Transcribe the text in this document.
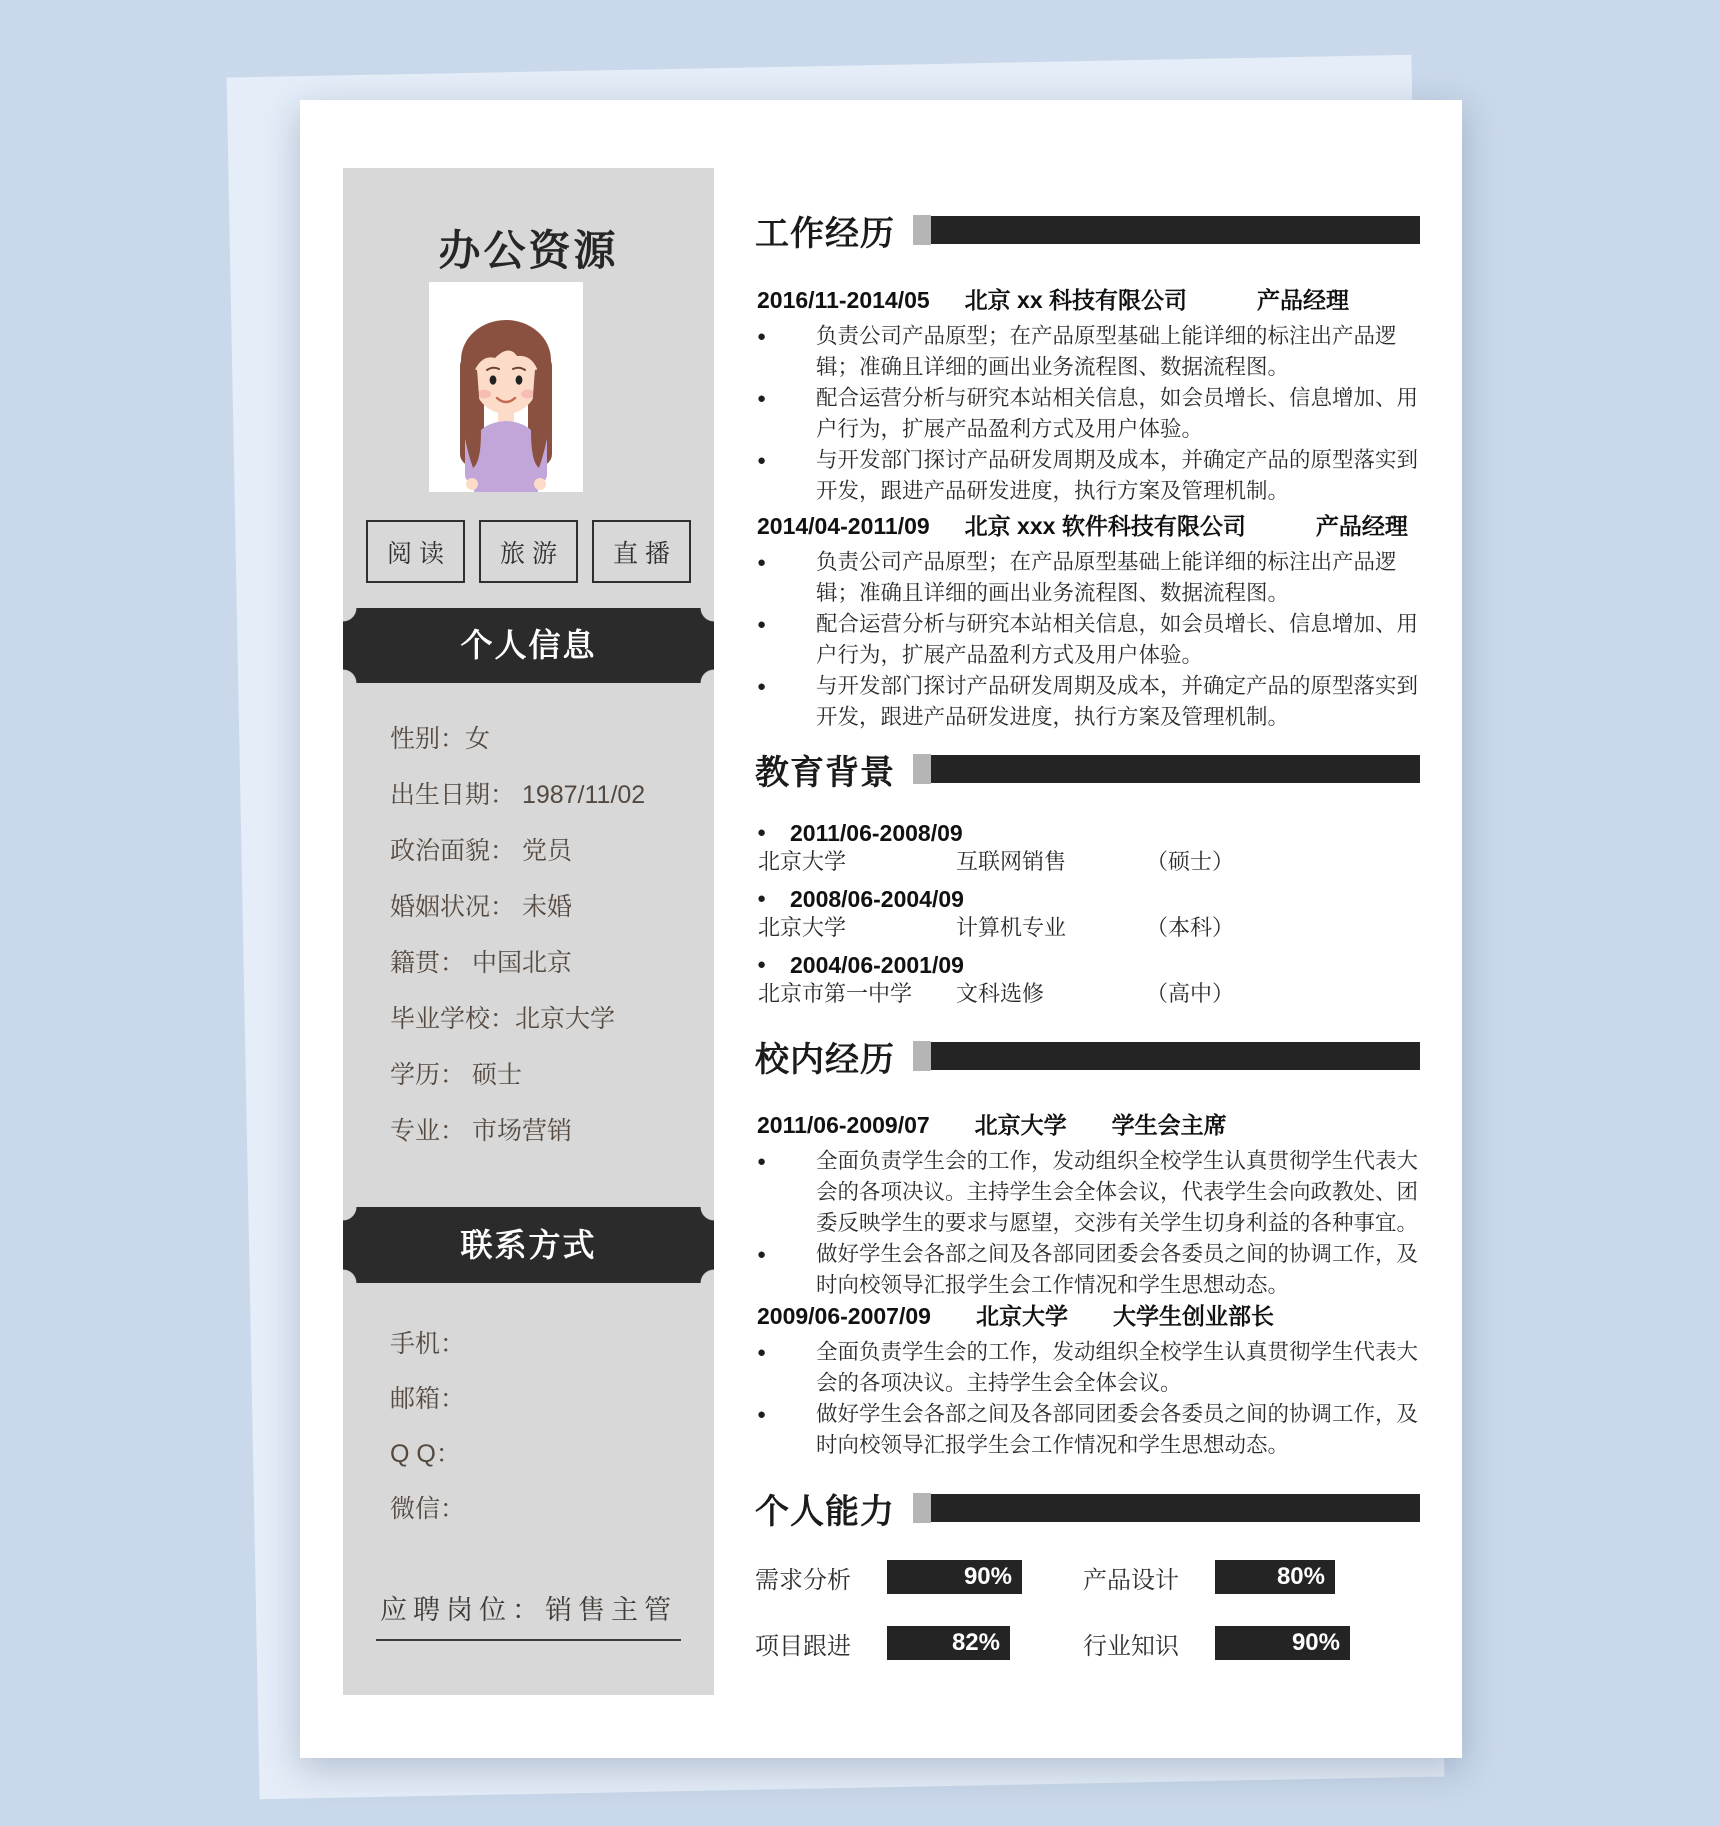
办公资源
阅 读	旅 游	直 播
个人信息
性别：女
出生日期： 1987/11/02
政治面貌： 党员
婚姻状况： 未婚
籍贯： 中国北京
毕业学校：北京大学
学历： 硕士
专业： 市场营销
联系方式
手机：
邮箱：
Q Q：
微信：
应聘岗位：销售主管
工作经历
2016/11-2014/05 北京 xx 科技有限公司	产品经理
● 负责公司产品原型；在产品原型基础上能详细的标注出产品逻辑；准确且详细的画出业务流程图、数据流程图。
● 配合运营分析与研究本站相关信息，如会员增长、信息增加、用户行为，扩展产品盈利方式及用户体验。
● 与开发部门探讨产品研发周期及成本，并确定产品的原型落实到开发，跟进产品研发进度，执行方案及管理机制。
2014/04-2011/09 北京 xxx 软件科技有限公司	产品经理
● 负责公司产品原型；在产品原型基础上能详细的标注出产品逻辑；准确且详细的画出业务流程图、数据流程图。
● 配合运营分析与研究本站相关信息，如会员增长、信息增加、用户行为，扩展产品盈利方式及用户体验。
● 与开发部门探讨产品研发周期及成本，并确定产品的原型落实到开发，跟进产品研发进度，执行方案及管理机制。
教育背景
● 2011/06-2008/09
北京大学	互联网销售	（硕士）
● 2008/06-2004/09
北京大学	计算机专业	（本科）
● 2004/06-2001/09
北京市第一中学	文科选修	（高中）
校内经历
2011/06-2009/07 北京大学 学生会主席
● 全面负责学生会的工作，发动组织全校学生认真贯彻学生代表大会的各项决议。主持学生会全体会议，代表学生会向政教处、团委反映学生的要求与愿望，交涉有关学生切身利益的各种事宜。
● 做好学生会各部之间及各部同团委会各委员之间的协调工作，及时向校领导汇报学生会工作情况和学生思想动态。
2009/06-2007/09 北京大学 大学生创业部长
● 全面负责学生会的工作，发动组织全校学生认真贯彻学生代表大会的各项决议。主持学生会全体会议。
● 做好学生会各部之间及各部同团委会各委员之间的协调工作，及时向校领导汇报学生会工作情况和学生思想动态。
个人能力
需求分析	90%	产品设计	80%
项目跟进	82%	行业知识	90%
